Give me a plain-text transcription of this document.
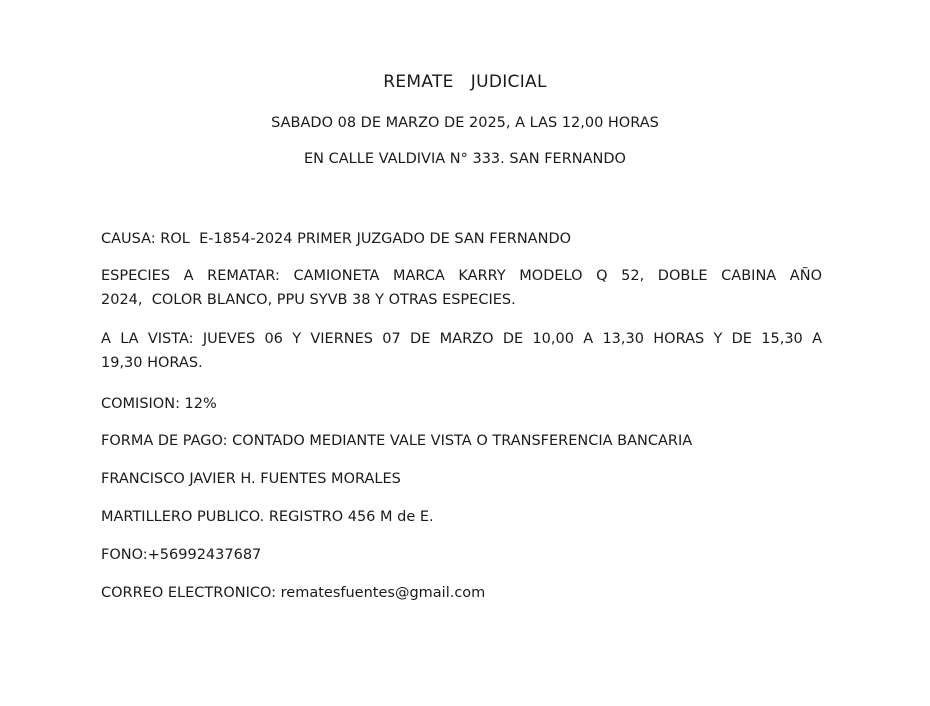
REMATE   JUDICIAL
SABADO 08 DE MARZO DE 2025, A LAS 12,00 HORAS
EN CALLE VALDIVIA N° 333. SAN FERNANDO
CAUSA: ROL  E-1854-2024 PRIMER JUZGADO DE SAN FERNANDO
ESPECIES A REMATAR: CAMIONETA MARCA KARRY MODELO Q 52, DOBLE CABINA AÑO
2024,  COLOR BLANCO, PPU SYVB 38 Y OTRAS ESPECIES.
A LA VISTA: JUEVES 06 Y VIERNES 07 DE MARZO DE 10,00 A 13,30 HORAS Y DE 15,30 A
19,30 HORAS.
COMISION: 12%
FORMA DE PAGO: CONTADO MEDIANTE VALE VISTA O TRANSFERENCIA BANCARIA
FRANCISCO JAVIER H. FUENTES MORALES
MARTILLERO PUBLICO. REGISTRO 456 M de E.
FONO:+56992437687
CORREO ELECTRONICO: rematesfuentes@gmail.com
